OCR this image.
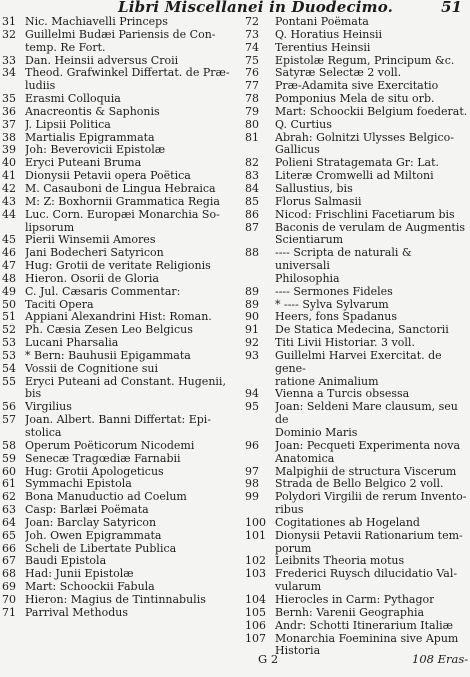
Libri Miscellanei in Duodecimo.	51
31 Nic. Machiavelli Princeps
32 Guillelmi Budæi Pariensis de Con-
temp. Re Fort.
33 Dan. Heinsii adversus Croii
34 Theod. Grafwinkel Differtat. de Præ-
ludiis
35 Erasmi Colloquia
36 Anacreontis & Saphonis
37 J. Lipsii Politica
38 Martialis Epigrammata
39 Joh: Beverovicii Epistolæ
40 Eryci Puteani Bruma
41 Dionysii Petavii opera Poëtica
42 M. Casauboni de Lingua Hebraica
43 M: Z: Boxhornii Grammatica Regia
44 Luc. Corn. Europæi Monarchia So-
lipsorum
45 Pierii Winsemii Amores
46 Jani Bodecheri Satyricon
47 Hug: Grotii de veritate Religionis
48 Hieron. Osorii de Gloria
49 C. Jul. Cæsaris Commentar:
50 Taciti Opera
51 Appiani Alexandrini Hist: Roman.
52 Ph. Cæsia Zesen Leo Belgicus
53 Lucani Pharsalia
53 * Bern: Bauhusii Epigammata
54 Vossii de Cognitione sui
55 Eryci Puteani ad Constant. Hugenii, bis
56 Virgilius
57 Joan. Albert. Banni Differtat: Epi-
stolica
58 Operum Poëticorum Nicodemi
59 Senecæ Tragœdiæ Farnabii
60 Hug: Grotii Apologeticus
61 Symmachi Epistola
62 Bona Manuductio ad Coelum
63 Casp: Barlæi Poëmata
64 Joan: Barclay Satyricon
65 Joh. Owen Epigrammata
66 Scheli de Libertate Publica
67 Baudi Epistola
68 Had: Junii Epistolæ
69 Mart: Schoockii Fabula
70 Hieron: Magius de Tintinnabulis
71 Parrival Methodus
72	Pontani Poëmata
73	Q. Horatius Heinsii
74	Terentius Heinsii
75	Epistolæ Regum, Principum &c.
76	Satyræ Selectæ 2 voll.
77	Præ-Adamita sive Exercitatio
78	Pomponius Mela de situ orb.
79	Mart: Schoockii Belgium foederat.
80	Q. Curtius
81	Abrah: Golnitzi Ulysses Belgico-
Gallicus
82	Polieni Stratagemata Gr: Lat.
83	Literæ Cromwelli ad Miltoni
84	Sallustius, bis
85	Florus Salmasii
86	Nicod: Frischlini Facetiarum bis
87	Baconis de verulam de Augmentis
Scientiarum
88	---- Scripta de naturali & universali
Philosophia
89	---- Sermones Fideles
89	* ---- Sylva Sylvarum
90	Heers, fons Spadanus
91	De Statica Medecina, Sanctorii
92	Titi Livii Historiar. 3 voll.
93	Guillelmi Harvei Exercitat. de gene-
ratione Animalium
94	Vienna a Turcis obsessa
95	Joan: Seldeni Mare clausum, seu de
Dominio Maris
96	Joan: Pecqueti Experimenta nova
Anatomica
97	Malpighii de structura Viscerum
98	Strada de Bello Belgico 2 voll.
99	Polydori Virgilii de rerum Invento-
ribus
100 Cogitationes ab Hogeland
101 Dionysii Petavii Rationarium tem-
porum
102 Leibnits Theoria motus
103 Frederici Ruysch dilucidatio Val-
vularum
104 Hierocles in Carm: Pythagor
105 Bernh: Varenii Geographia
106 Andr: Schotti Itinerarium Italiæ
107 Monarchia Foeminina sive Apum
Historia
G 2	108 Eras-
